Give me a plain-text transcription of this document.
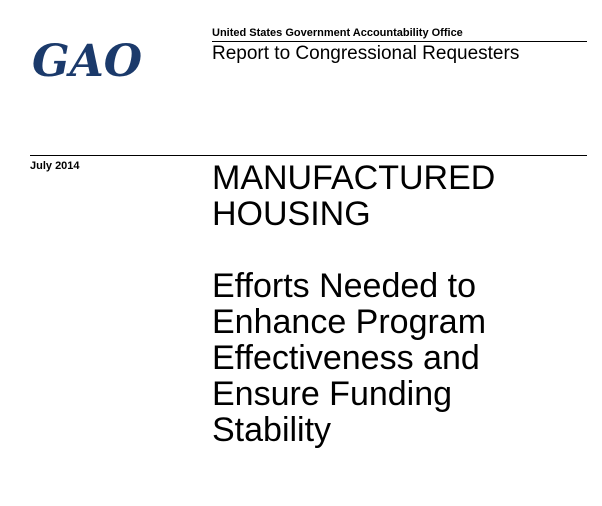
GAO
United States Government Accountability Office
Report to Congressional Requesters
July 2014	MANUFACTURED
HOUSING
Efforts Needed to
Enhance Program
Effectiveness and
Ensure Funding
Stability
